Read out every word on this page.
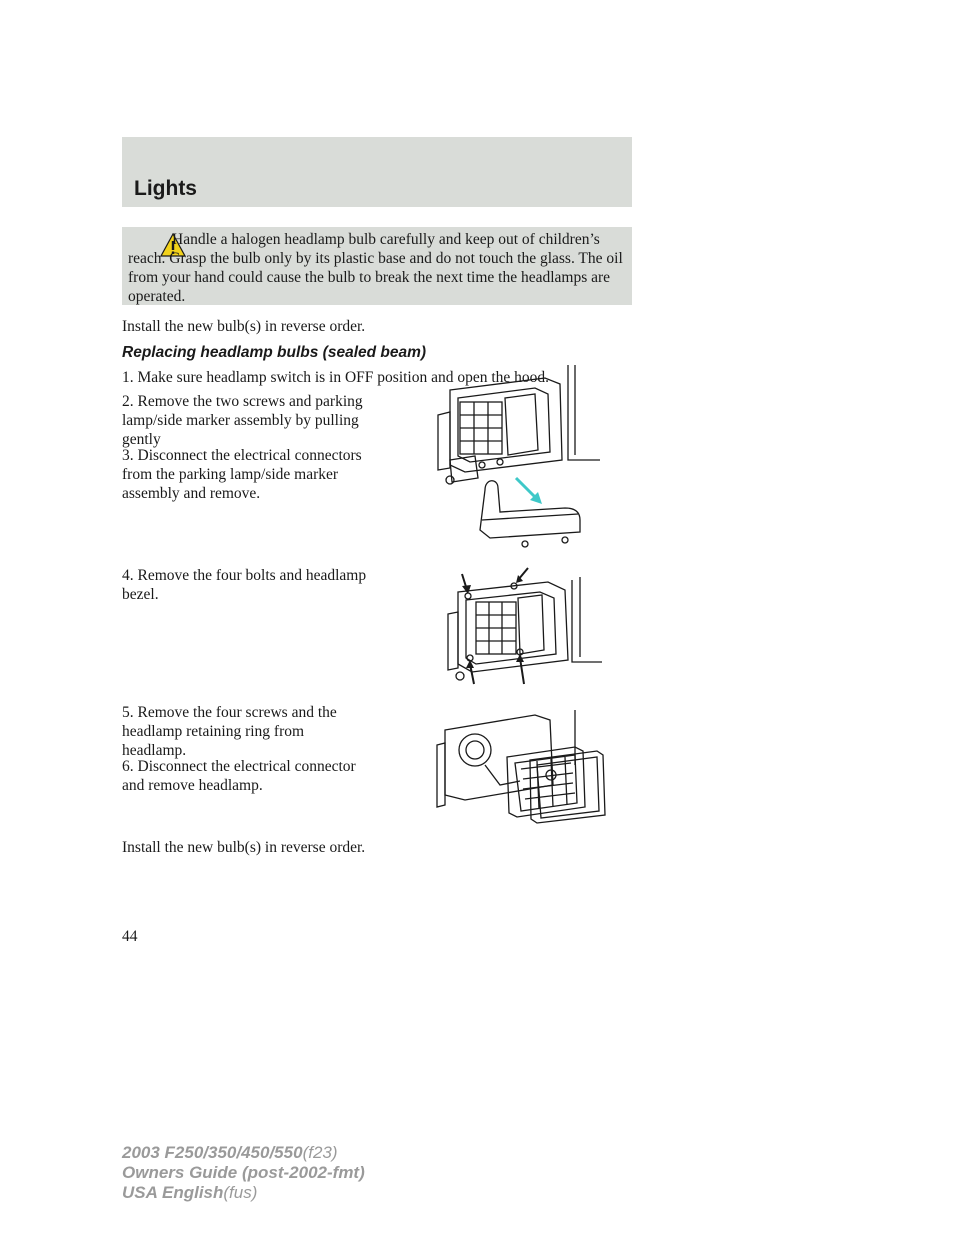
Lights
Handle a halogen headlamp bulb carefully and keep out of children’s reach. Grasp the bulb only by its plastic base and do not touch the glass. The oil from your hand could cause the bulb to break the next time the headlamps are operated.
Install the new bulb(s) in reverse order.
Replacing headlamp bulbs (sealed beam)
1. Make sure headlamp switch is in OFF position and open the hood.
2. Remove the two screws and parking lamp/side marker assembly by pulling gently
3. Disconnect the electrical connectors from the parking lamp/side marker assembly and remove.
4. Remove the four bolts and headlamp bezel.
5. Remove the four screws and the headlamp retaining ring from headlamp.
6. Disconnect the electrical connector and remove headlamp.
Install the new bulb(s) in reverse order.
44
2003 F250/350/450/550(f23)
Owners Guide (post-2002-fmt)
USA English(fus)
